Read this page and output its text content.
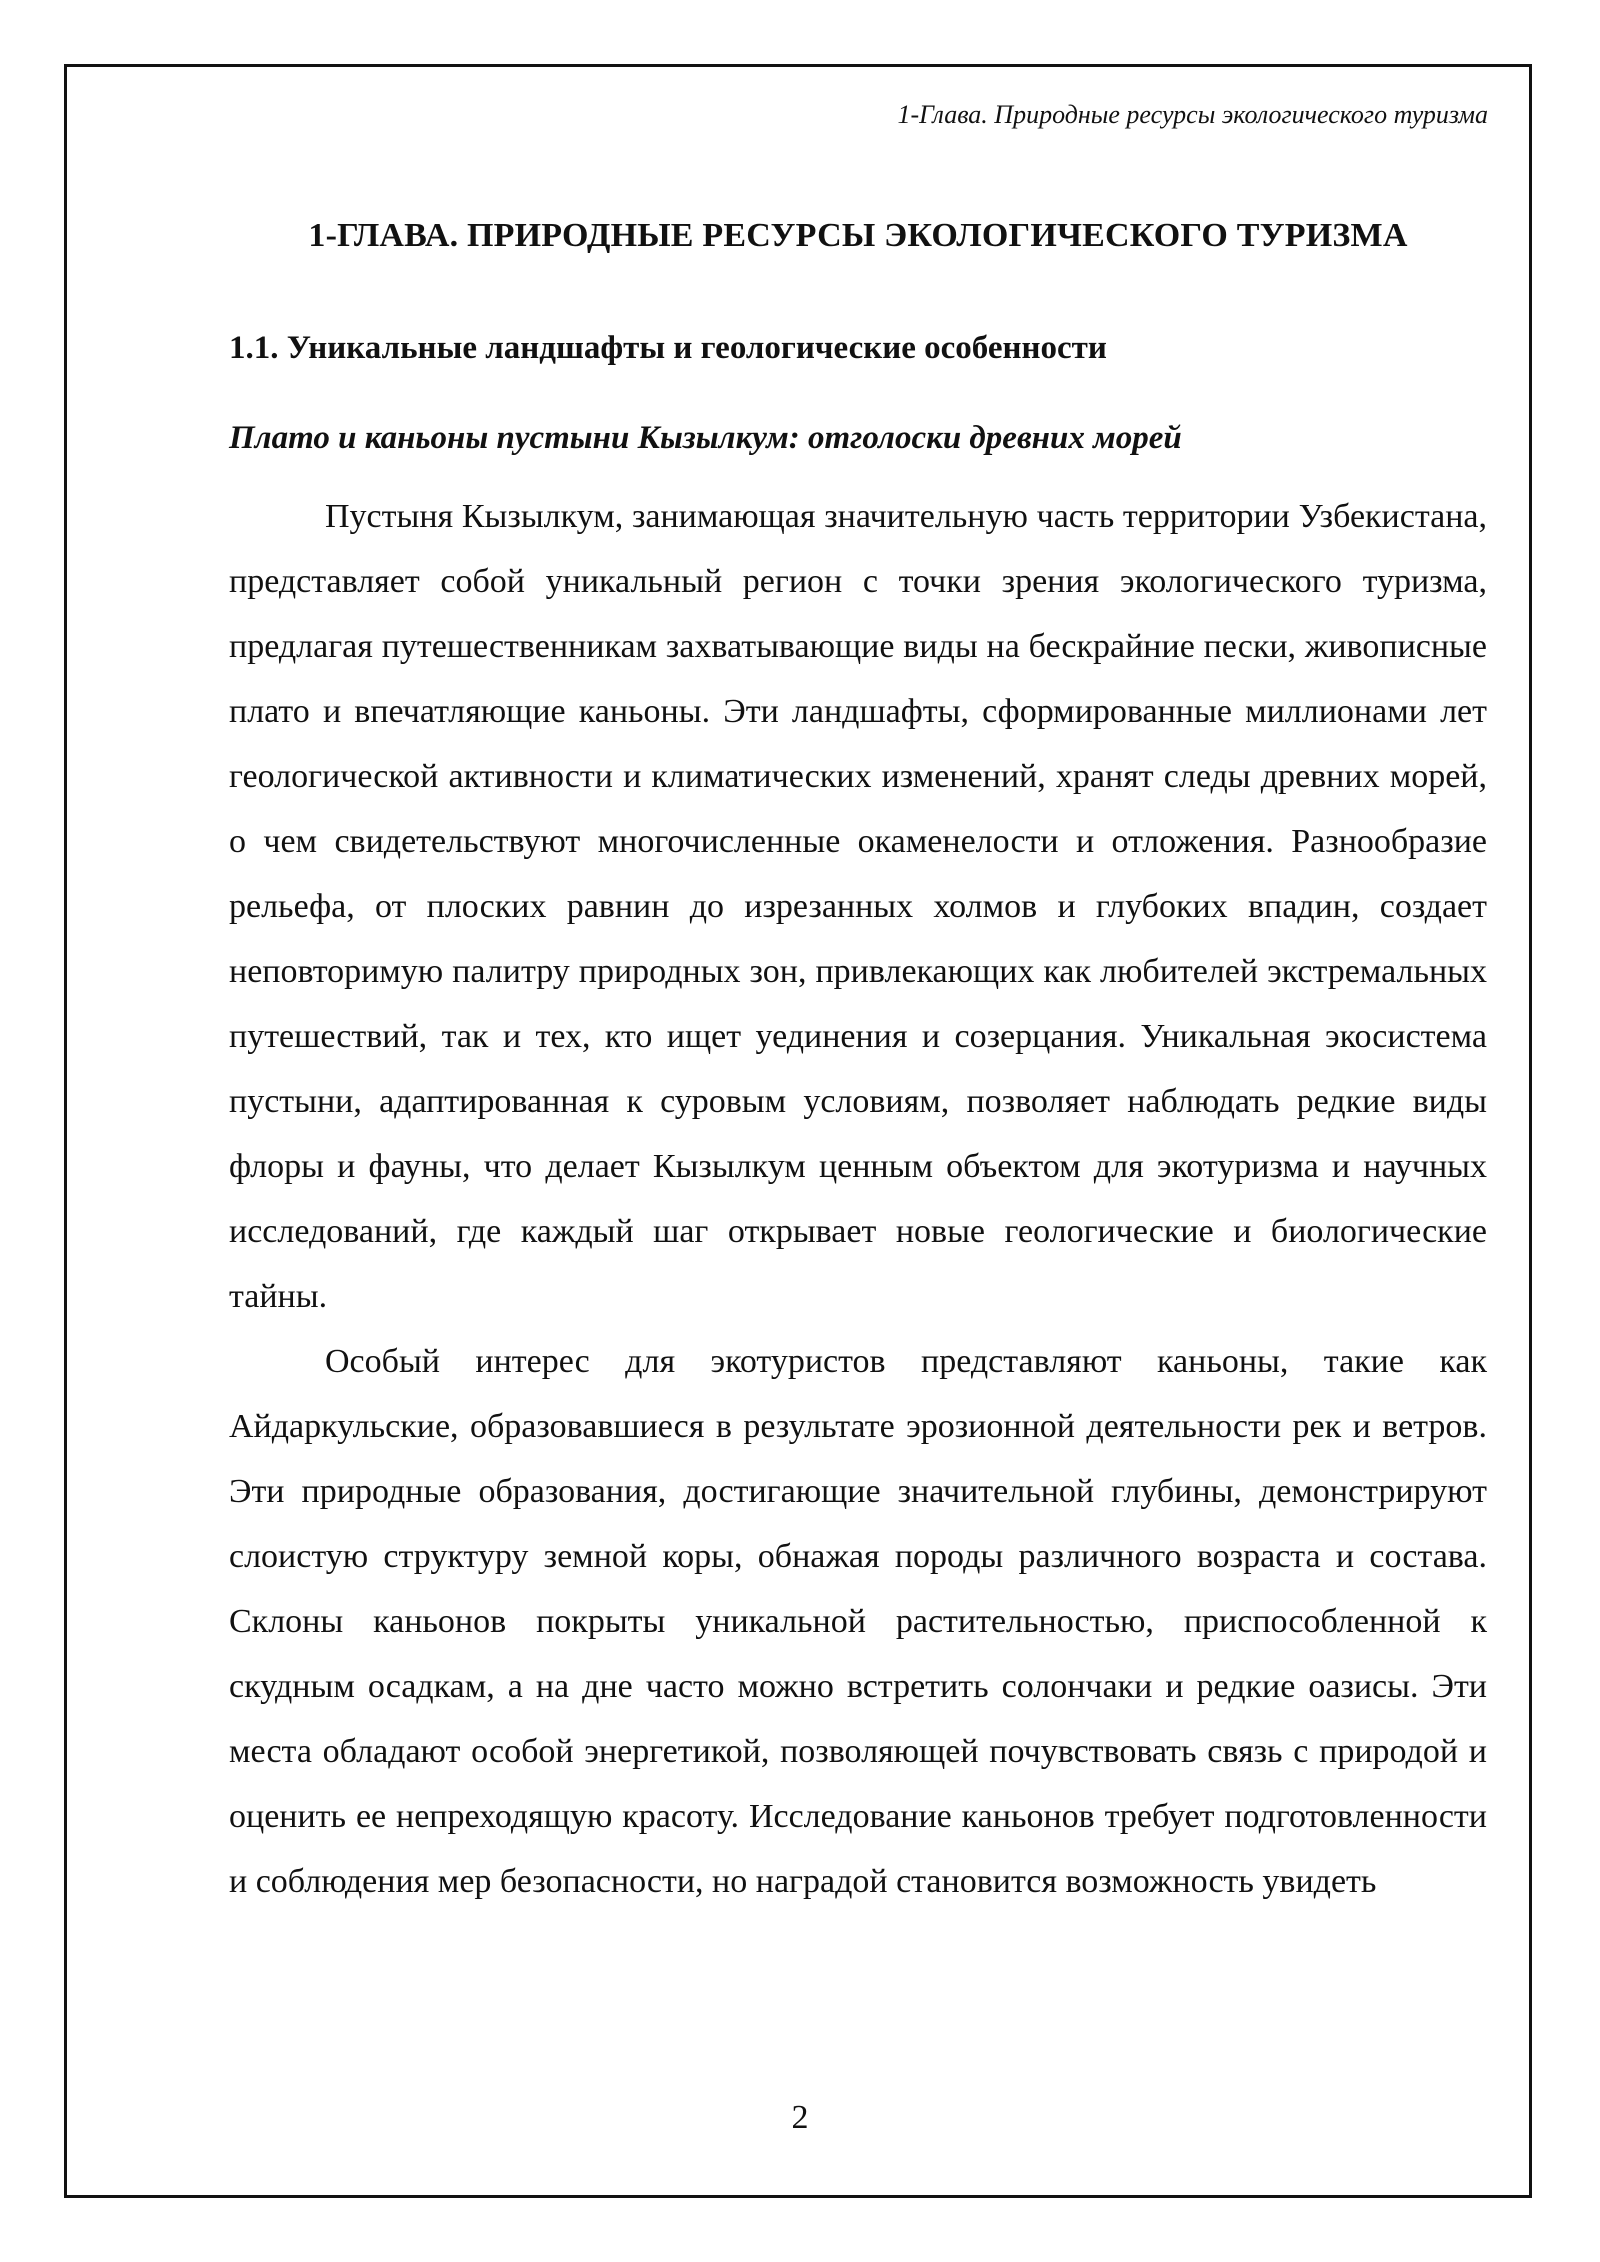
1-Глава. Природные ресурсы экологического туризма
1-ГЛАВА. ПРИРОДНЫЕ РЕСУРСЫ ЭКОЛОГИЧЕСКОГО ТУРИЗМА
1.1. Уникальные ландшафты и геологические особенности
Плато и каньоны пустыни Кызылкум: отголоски древних морей

Пустыня Кызылкум, занимающая значительную часть территории Узбекистана, представляет собой уникальный регион с точки зрения экологического туризма, предлагая путешественникам захватывающие виды на бескрайние пески, живописные плато и впечатляющие каньоны. Эти ландшафты, сформированные миллионами лет геологической активности и климатических изменений, хранят следы древних морей, о чем свидетельствуют многочисленные окаменелости и отложения. Разнообразие рельефа, от плоских равнин до изрезанных холмов и глубоких впадин, создает неповторимую палитру природных зон, привлекающих как любителей экстремальных путешествий, так и тех, кто ищет уединения и созерцания. Уникальная экосистема пустыни, адаптированная к суровым условиям, позволяет наблюдать редкие виды флоры и фауны, что делает Кызылкум ценным объектом для экотуризма и научных исследований, где каждый шаг открывает новые геологические и биологические тайны.

Особый интерес для экотуристов представляют каньоны, такие как Айдаркульские, образовавшиеся в результате эрозионной деятельности рек и ветров. Эти природные образования, достигающие значительной глубины, демонстрируют слоистую структуру земной коры, обнажая породы различного возраста и состава. Склоны каньонов покрыты уникальной растительностью, приспособленной к скудным осадкам, а на дне часто можно встретить солончаки и редкие оазисы. Эти места обладают особой энергетикой, позволяющей почувствовать связь с природой и оценить ее непреходящую красоту. Исследование каньонов требует подготовленности и соблюдения мер безопасности, но наградой становится возможность увидеть

2
